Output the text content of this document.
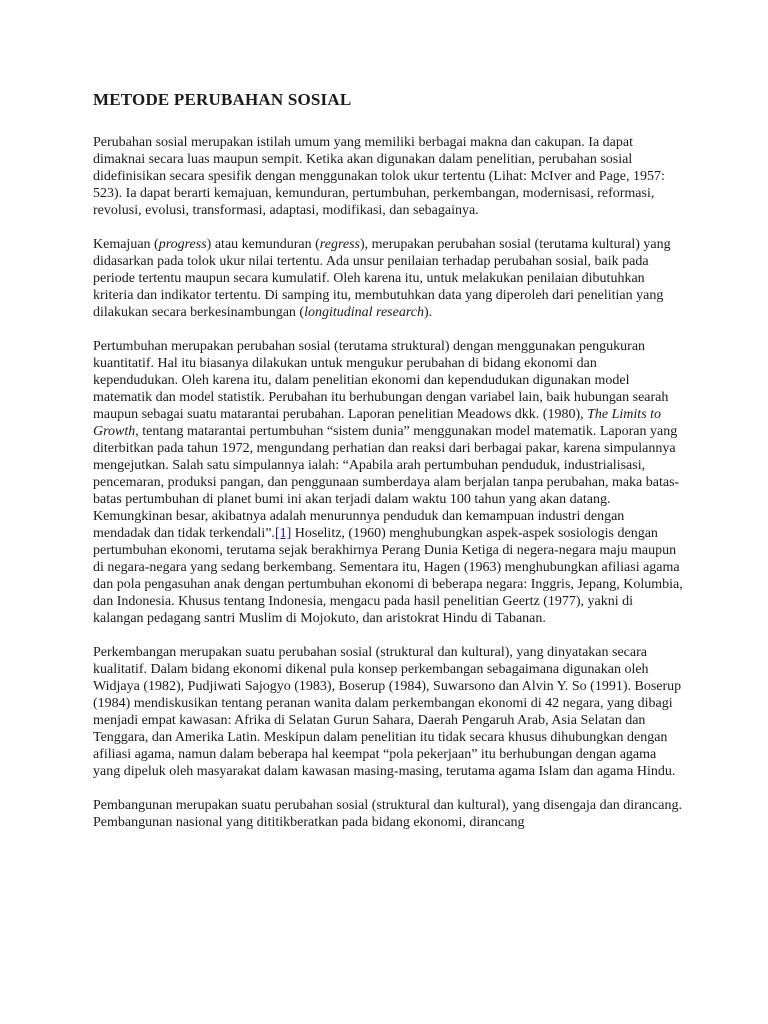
METODE PERUBAHAN SOSIAL

Perubahan sosial merupakan istilah umum yang memiliki berbagai makna dan cakupan. Ia dapat dimaknai secara luas maupun sempit. Ketika akan digunakan dalam penelitian, perubahan sosial didefinisikan secara spesifik dengan menggunakan tolok ukur tertentu (Lihat: McIver and Page, 1957: 523). Ia dapat berarti kemajuan, kemunduran, pertumbuhan, perkembangan, modernisasi, reformasi, revolusi, evolusi, transformasi, adaptasi, modifikasi, dan sebagainya.

Kemajuan (progress) atau kemunduran (regress), merupakan perubahan sosial (terutama kultural) yang didasarkan pada tolok ukur nilai tertentu. Ada unsur penilaian terhadap perubahan sosial, baik pada periode tertentu maupun secara kumulatif. Oleh karena itu, untuk melakukan penilaian dibutuhkan kriteria dan indikator tertentu. Di samping itu, membutuhkan data yang diperoleh dari penelitian yang dilakukan secara berkesinambungan (longitudinal research).

Pertumbuhan merupakan perubahan sosial (terutama struktural) dengan menggunakan pengukuran kuantitatif. Hal itu biasanya dilakukan untuk mengukur perubahan di bidang ekonomi dan kependudukan. Oleh karena itu, dalam penelitian ekonomi dan kependudukan digunakan model matematik dan model statistik. Perubahan itu berhubungan dengan variabel lain, baik hubungan searah maupun sebagai suatu matarantai perubahan. Laporan penelitian Meadows dkk. (1980), The Limits to Growth, tentang matarantai pertumbuhan “sistem dunia” menggunakan model matematik. Laporan yang diterbitkan pada tahun 1972, mengundang perhatian dan reaksi dari berbagai pakar, karena simpulannya mengejutkan. Salah satu simpulannya ialah: “Apabila arah pertumbuhan penduduk, industrialisasi, pencemaran, produksi pangan, dan penggunaan sumberdaya alam berjalan tanpa perubahan, maka batas-batas pertumbuhan di planet bumi ini akan terjadi dalam waktu 100 tahun yang akan datang. Kemungkinan besar, akibatnya adalah menurunnya penduduk dan kemampuan industri dengan mendadak dan tidak terkendali”.[1] Hoselitz, (1960) menghubungkan aspek-aspek sosiologis dengan pertumbuhan ekonomi, terutama sejak berakhirnya Perang Dunia Ketiga di negera-negara maju maupun di negara-negara yang sedang berkembang. Sementara itu, Hagen (1963) menghubungkan afiliasi agama dan pola pengasuhan anak dengan pertumbuhan ekonomi di beberapa negara: Inggris, Jepang, Kolumbia, dan Indonesia. Khusus tentang Indonesia, mengacu pada hasil penelitian Geertz (1977), yakni di kalangan pedagang santri Muslim di Mojokuto, dan aristokrat Hindu di Tabanan.

Perkembangan merupakan suatu perubahan sosial (struktural dan kultural), yang dinyatakan secara kualitatif. Dalam bidang ekonomi dikenal pula konsep perkembangan sebagaimana digunakan oleh Widjaya (1982), Pudjiwati Sajogyo (1983), Boserup (1984), Suwarsono dan Alvin Y. So (1991). Boserup (1984) mendiskusikan tentang peranan wanita dalam perkembangan ekonomi di 42 negara, yang dibagi menjadi empat kawasan: Afrika di Selatan Gurun Sahara, Daerah Pengaruh Arab, Asia Selatan dan Tenggara, dan Amerika Latin. Meskipun dalam penelitian itu tidak secara khusus dihubungkan dengan afiliasi agama, namun dalam beberapa hal keempat “pola pekerjaan” itu berhubungan dengan agama yang dipeluk oleh masyarakat dalam kawasan masing-masing, terutama agama Islam dan agama Hindu.

Pembangunan merupakan suatu perubahan sosial (struktural dan kultural), yang disengaja dan dirancang. Pembangunan nasional yang dititikberatkan pada bidang ekonomi, dirancang
